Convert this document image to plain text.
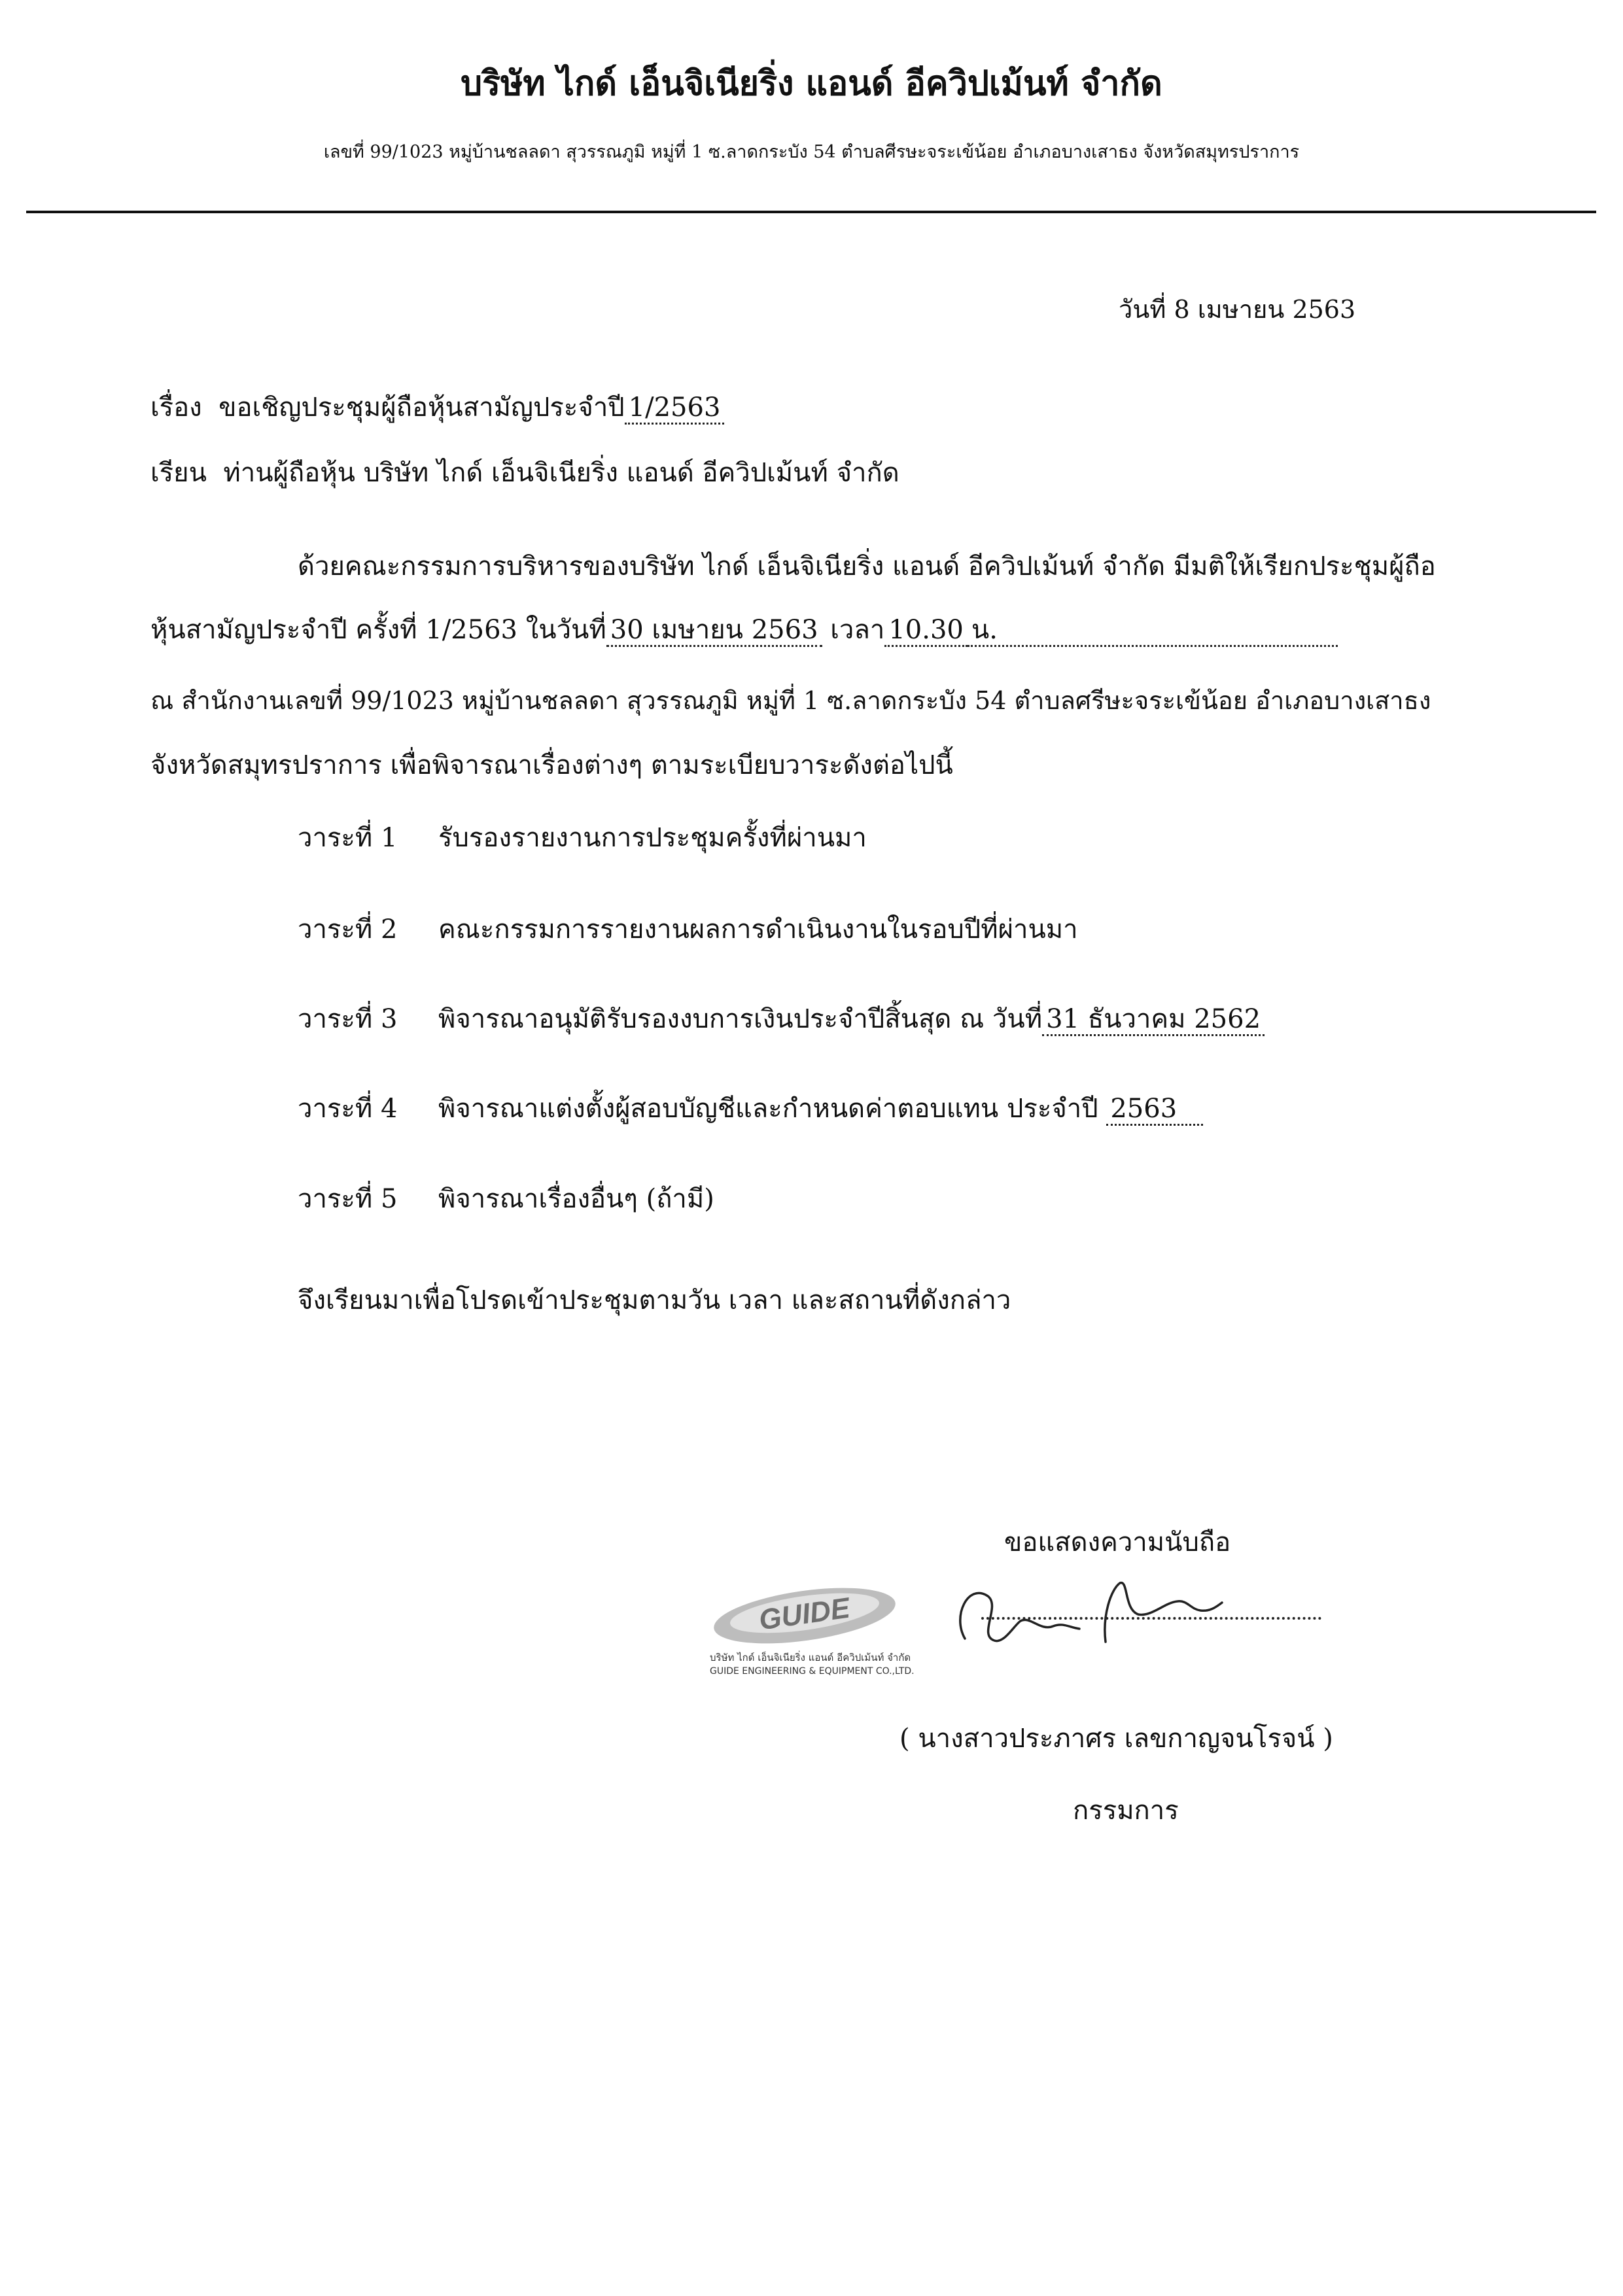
บริษัท ไกด์ เอ็นจิเนียริ่ง แอนด์ อีควิปเม้นท์ จำกัด
เลขที่ 99/1023 หมู่บ้านชลลดา สุวรรณภูมิ หมู่ที่ 1 ซ.ลาดกระบัง 54 ตำบลศีรษะจระเข้น้อย อำเภอบางเสาธง จังหวัดสมุทรปราการ
วันที่ 8 เมษายน 2563
เรื่อง ขอเชิญประชุมผู้ถือหุ้นสามัญประจำปี 1/2563
เรียน ท่านผู้ถือหุ้น บริษัท ไกด์ เอ็นจิเนียริ่ง แอนด์ อีควิปเม้นท์ จำกัด
ด้วยคณะกรรมการบริหารของบริษัท ไกด์ เอ็นจิเนียริ่ง แอนด์ อีควิปเม้นท์ จำกัด มีมติให้เรียกประชุมผู้ถือ
หุ้นสามัญประจำปี ครั้งที่ 1/2563 ในวันที่ 30 เมษายน 2563 เวลา 10.30 น.
ณ สำนักงานเลขที่ 99/1023 หมู่บ้านชลลดา สุวรรณภูมิ หมู่ที่ 1 ซ.ลาดกระบัง 54 ตำบลศรีษะจระเข้น้อย อำเภอบางเสาธง
จังหวัดสมุทรปราการ เพื่อพิจารณาเรื่องต่างๆ ตามระเบียบวาระดังต่อไปนี้
วาระที่ 1 รับรองรายงานการประชุมครั้งที่ผ่านมา
วาระที่ 2 คณะกรรมการรายงานผลการดำเนินงานในรอบปีที่ผ่านมา
วาระที่ 3 พิจารณาอนุมัติรับรองงบการเงินประจำปีสิ้นสุด ณ วันที่ 31 ธันวาคม 2562
วาระที่ 4 พิจารณาแต่งตั้งผู้สอบบัญชีและกำหนดค่าตอบแทน ประจำปี 2563
วาระที่ 5 พิจารณาเรื่องอื่นๆ (ถ้ามี)
จึงเรียนมาเพื่อโปรดเข้าประชุมตามวัน เวลา และสถานที่ดังกล่าว
ขอแสดงความนับถือ
GUIDE
บริษัท ไกด์ เอ็นจิเนียริ่ง แอนด์ อีควิปเม้นท์ จำกัด
GUIDE ENGINEERING & EQUIPMENT CO.,LTD.
( นางสาวประภาศร เลขกาญจนโรจน์ )
กรรมการ
